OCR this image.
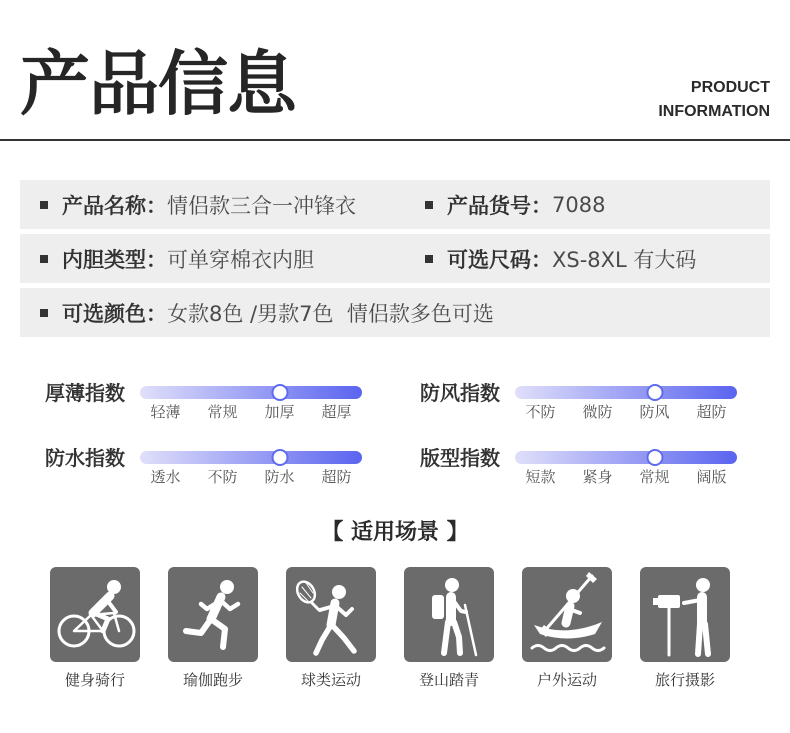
产品信息	PRODUCT
INFORMATION
产品名称： 情侣款三合一冲锋衣	产品货号： 7088
内胆类型： 可单穿棉衣内胆	可选尺码： XS-8XL 有大码
可选颜色： 女款8色 /男款7色  情侣款多色可选
厚薄指数
轻薄	常规	加厚	超厚
防风指数
不防	微防	防风	超防
防水指数
透水	不防	防水	超防
版型指数
短款	紧身	常规	阔版
【 适用场景 】
健身骑行	瑜伽跑步	球类运动	登山踏青	户外运动	旅行摄影
